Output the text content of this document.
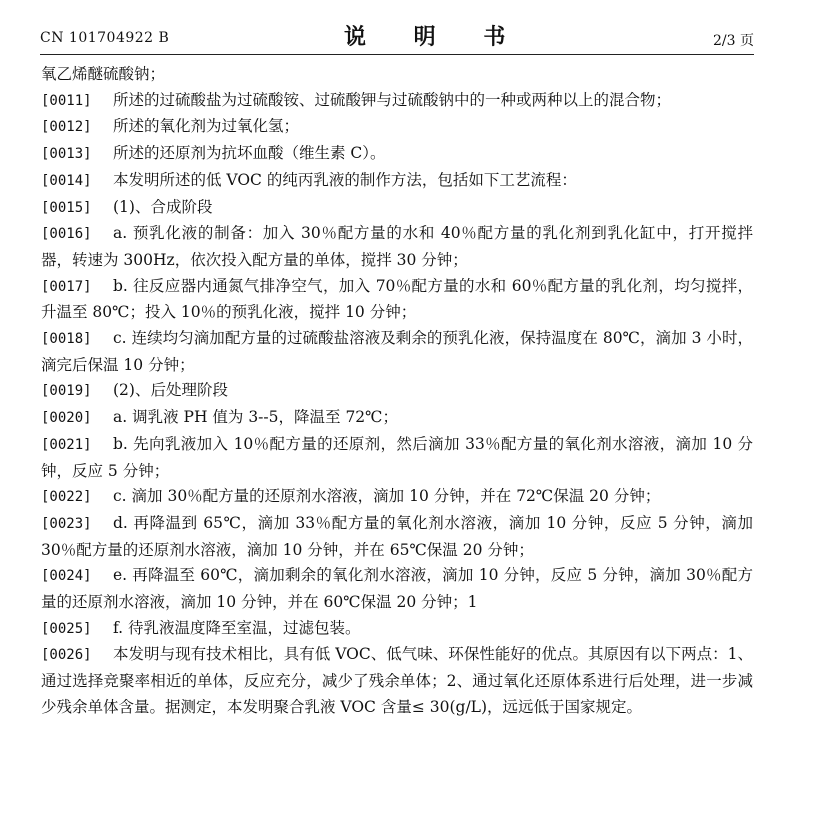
CN 101704922 B	说 明 书	2/3 页

氧乙烯醚硫酸钠；

[0011] 所述的过硫酸盐为过硫酸铵、过硫酸钾与过硫酸钠中的一种或两种以上的混合物；

[0012] 所述的氧化剂为过氧化氢；

[0013] 所述的还原剂为抗坏血酸（维生素 C）。

[0014] 本发明所述的低 VOC 的纯丙乳液的制作方法，包括如下工艺流程：

[0015] (1)、合成阶段

[0016] a. 预乳化液的制备：加入 30％配方量的水和 40％配方量的乳化剂到乳化缸中，打开搅拌器，转速为 300Hz，依次投入配方量的单体，搅拌 30 分钟；

[0017] b. 往反应器内通氮气排净空气，加入 70％配方量的水和 60％配方量的乳化剂，均匀搅拌，升温至 80℃；投入 10％的预乳化液，搅拌 10 分钟；

[0018] c. 连续均匀滴加配方量的过硫酸盐溶液及剩余的预乳化液，保持温度在 80℃，滴加 3 小时，滴完后保温 10 分钟；

[0019] (2)、后处理阶段

[0020] a. 调乳液 PH 值为 3--5，降温至 72℃；

[0021] b. 先向乳液加入 10％配方量的还原剂，然后滴加 33％配方量的氧化剂水溶液，滴加 10 分钟，反应 5 分钟；

[0022] c. 滴加 30％配方量的还原剂水溶液，滴加 10 分钟，并在 72℃保温 20 分钟；

[0023] d. 再降温到 65℃，滴加 33％配方量的氧化剂水溶液，滴加 10 分钟，反应 5 分钟，滴加 30％配方量的还原剂水溶液，滴加 10 分钟，并在 65℃保温 20 分钟；

[0024] e. 再降温至 60℃，滴加剩余的氧化剂水溶液，滴加 10 分钟，反应 5 分钟，滴加 30％配方量的还原剂水溶液，滴加 10 分钟，并在 60℃保温 20 分钟；1

[0025] f. 待乳液温度降至室温，过滤包装。

[0026] 本发明与现有技术相比，具有低 VOC、低气味、环保性能好的优点。其原因有以下两点：1、通过选择竞聚率相近的单体，反应充分，减少了残余单体；2、通过氧化还原体系进行后处理，进一步减少残余单体含量。据测定，本发明聚合乳液 VOC 含量≤ 30(g/L)，远远低于国家规定。
